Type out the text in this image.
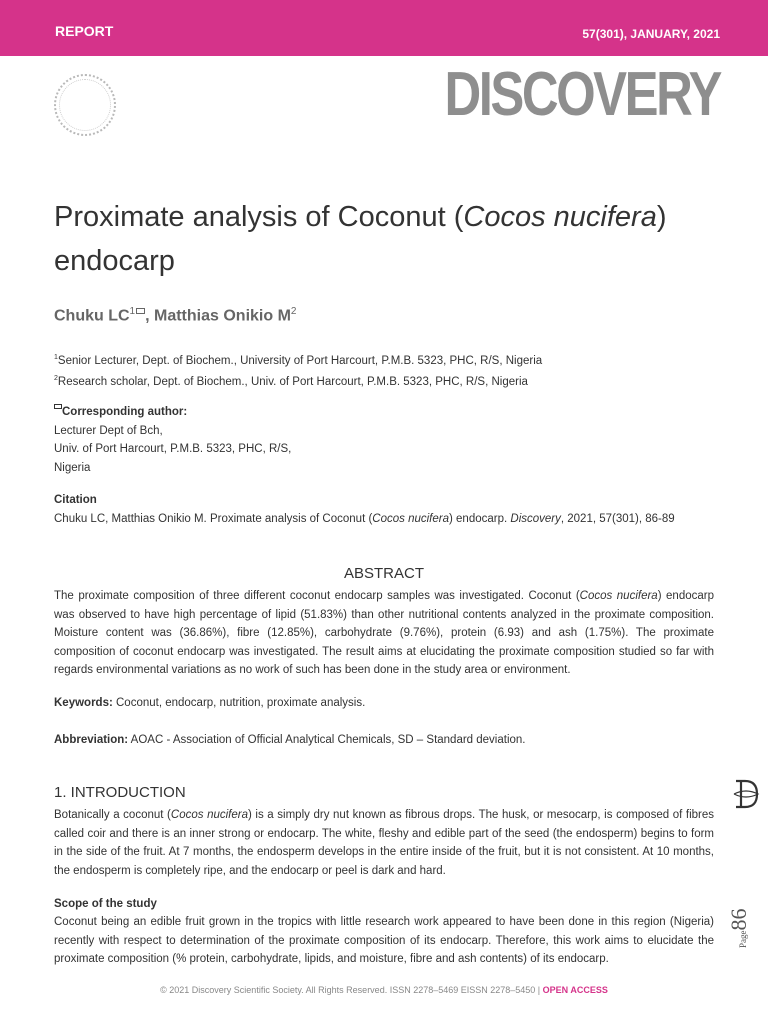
REPORT	57(301), JANUARY, 2021
DISCOVERY
Proximate analysis of Coconut (Cocos nucifera) endocarp
Chuku $LC^1$ , Matthias Onikio $M^2$
$^1$Senior Lecturer, Dept. of Biochem., University of Port Harcourt, P.M.B. 5323, PHC, R/S, Nigeria
$^2$Research scholar, Dept. of Biochem., Univ. of Port Harcourt, P.M.B. 5323, PHC, R/S, Nigeria
Corresponding author:
Lecturer Dept of Bch,
Univ. of Port Harcourt, P.M.B. 5323, PHC, R/S,
Nigeria
Citation
Chuku LC, Matthias Onikio M. Proximate analysis of Coconut (Cocos nucifera) endocarp. Discovery, 2021, 57(301), 86-89
ABSTRACT

The proximate composition of three different coconut endocarp samples was investigated. Coconut (Cocos nucifera) endocarp was observed to have high percentage of lipid (51.83%) than other nutritional contents analyzed in the proximate composition. Moisture content was (36.86%), fibre (12.85%), carbohydrate (9.76%), protein (6.93) and ash (1.75%). The proximate composition of coconut endocarp was investigated. The result aims at elucidating the proximate composition studied so far with regards environmental variations as no work of such has been done in the study area or environment.

Keywords: Coconut, endocarp, nutrition, proximate analysis.

Abbreviation: AOAC - Association of Official Analytical Chemicals, SD – Standard deviation.

1. INTRODUCTION

Botanically a coconut (Cocos nucifera) is a simply dry nut known as fibrous drops. The husk, or mesocarp, is composed of fibres called coir and there is an inner strong or endocarp. The white, fleshy and edible part of the seed (the endosperm) begins to form in the side of the fruit. At 7 months, the endosperm develops in the entire inside of the fruit, but it is not consistent. At 10 months, the endosperm is completely ripe, and the endocarp or peel is dark and hard.

Scope of the study

Coconut being an edible fruit grown in the tropics with little research work appeared to have been done in this region (Nigeria) recently with respect to determination of the proximate composition of its endocarp. Therefore, this work aims to elucidate the proximate composition (% protein, carbohydrate, lipids, and moisture, fibre and ash contents) of its endocarp.

Page86
© 2021 Discovery Scientific Society. All Rights Reserved. ISSN 2278–5469 EISSN 2278–5450 | OPEN ACCESS
